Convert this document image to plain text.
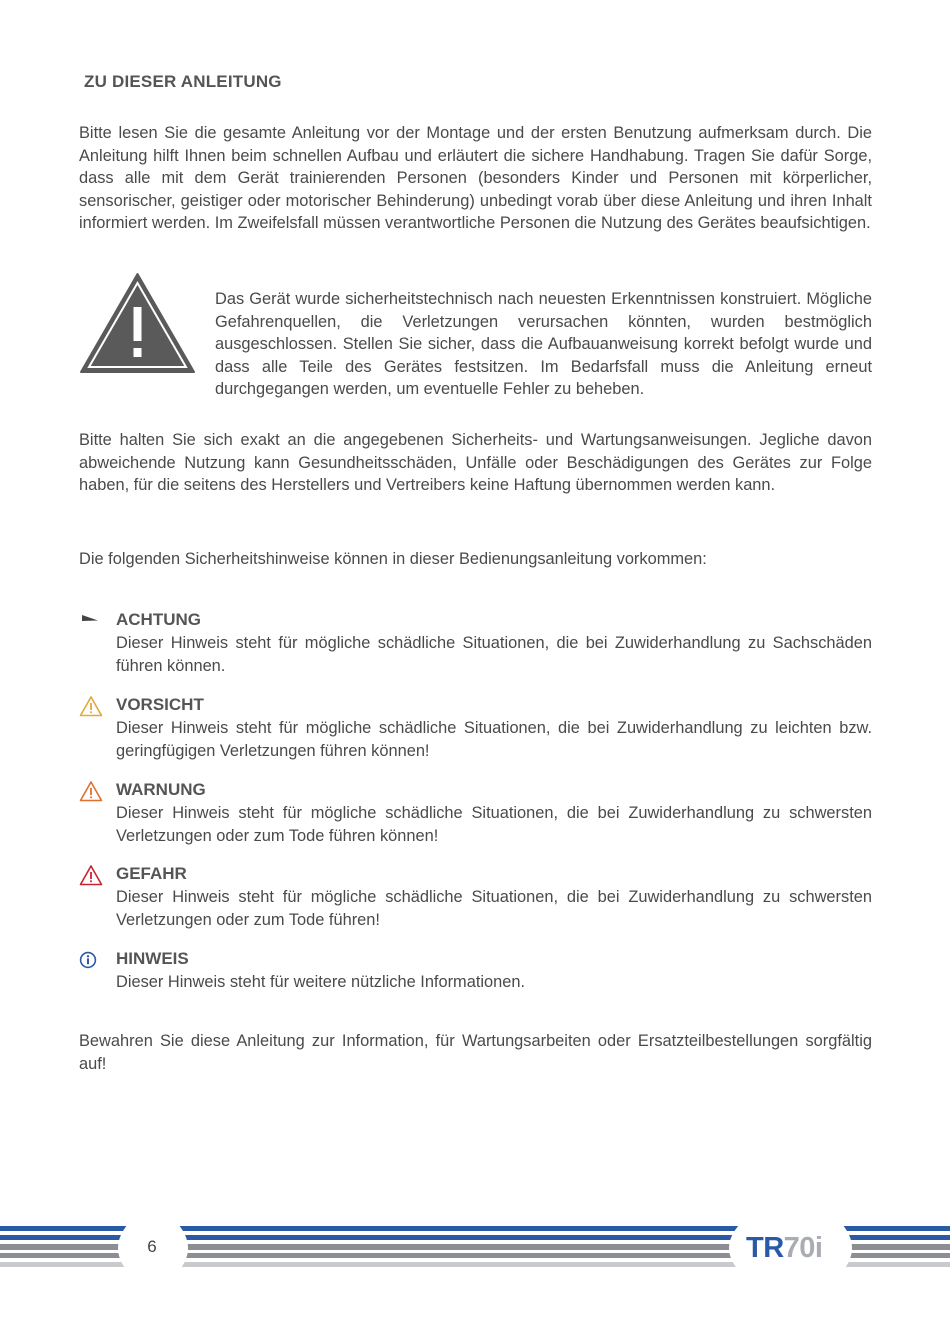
ZU DIESER ANLEITUNG

Bitte lesen Sie die gesamte Anleitung vor der Montage und der ersten Benutzung aufmerksam durch. Die Anleitung hilft Ihnen beim schnellen Aufbau und erläutert die sichere Handhabung. Tragen Sie dafür Sorge, dass alle mit dem Gerät trainierenden Personen (besonders Kinder und Personen mit körperlicher, sensorischer, geistiger oder motorischer Behinderung) unbedingt vorab über diese Anleitung und ihren Inhalt informiert werden. Im Zweifelsfall müssen verantwortliche Personen die Nutzung des Gerätes beaufsichtigen.

Das Gerät wurde sicherheitstechnisch nach neuesten Erkenntnissen konstruiert. Mögliche Gefahrenquellen, die Verletzungen verursachen könnten, wurden bestmöglich ausgeschlossen. Stellen Sie sicher, dass die Aufbauanweisung korrekt befolgt wurde und dass alle Teile des Gerätes festsitzen. Im Bedarfsfall muss die Anleitung erneut durchgegangen werden, um eventuelle Fehler zu beheben.

Bitte halten Sie sich exakt an die angegebenen Sicherheits- und Wartungsanweisungen. Jegliche davon abweichende Nutzung kann Gesundheitsschäden, Unfälle oder Beschädigungen des Gerätes zur Folge haben, für die seitens des Herstellers und Vertreibers keine Haftung übernommen werden kann.

Die folgenden Sicherheitshinweise können in dieser Bedienungsanleitung vorkommen:

ACHTUNG

Dieser Hinweis steht für mögliche schädliche Situationen, die bei Zuwiderhandlung zu Sachschäden führen können.

VORSICHT

Dieser Hinweis steht für mögliche schädliche Situationen, die bei Zuwiderhandlung zu leichten bzw. geringfügigen Verletzungen führen können!

WARNUNG

Dieser Hinweis steht für mögliche schädliche Situationen, die bei Zuwiderhandlung zu schwersten Verletzungen oder zum Tode führen können!

GEFAHR

Dieser Hinweis steht für mögliche schädliche Situationen, die bei Zuwiderhandlung zu schwersten Verletzungen oder zum Tode führen!

HINWEIS

Dieser Hinweis steht für weitere nützliche Informationen.

Bewahren Sie diese Anleitung zur Information, für Wartungsarbeiten oder Ersatzteilbestellungen sorgfältig auf!

6	TR70i
